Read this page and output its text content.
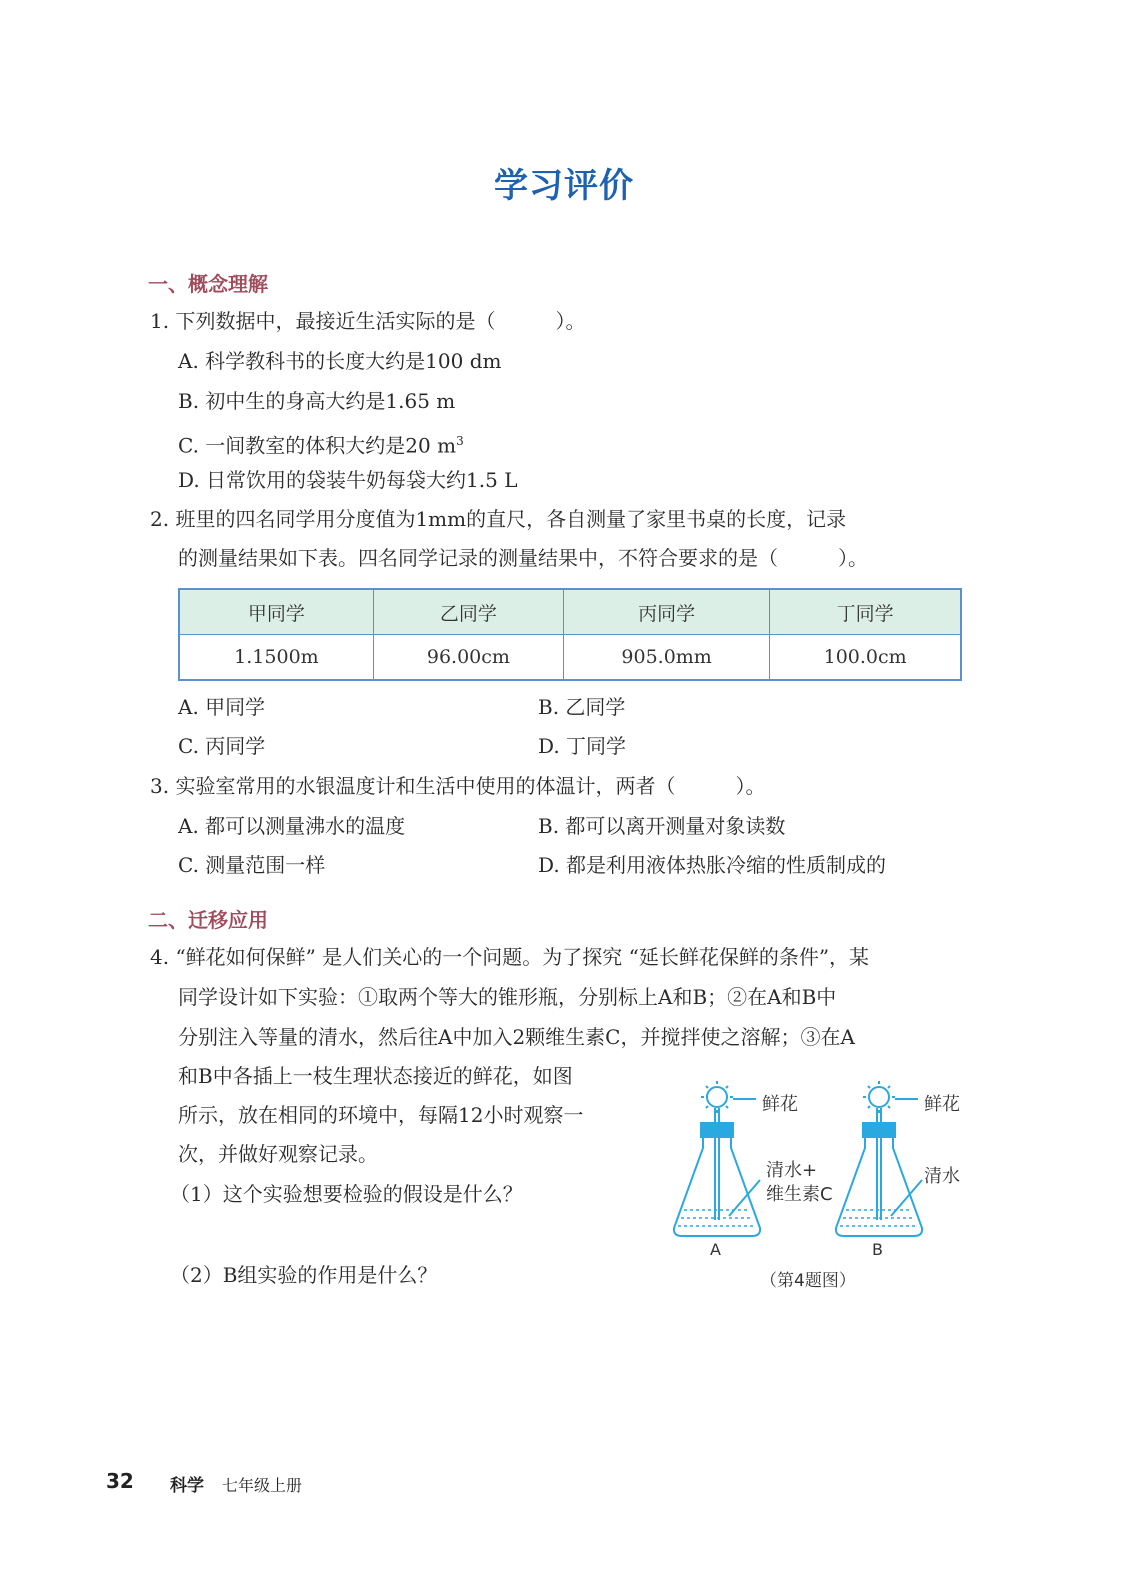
学习评价
一、概念理解
1. 下列数据中，最接近生活实际的是（　　　）。
A. 科学教科书的长度大约是100 dm
B. 初中生的身高大约是1.65 m
C. 一间教室的体积大约是20 $m^3$
D. 日常饮用的袋装牛奶每袋大约1.5 L
2. 班里的四名同学用分度值为1mm的直尺，各自测量了家里书桌的长度，记录
的测量结果如下表。四名同学记录的测量结果中，不符合要求的是（　　　）。
甲同学	乙同学	丙同学	丁同学
1.1500m	96.00cm	905.0mm	100.0cm
A. 甲同学	B. 乙同学
C. 丙同学	D. 丁同学
3. 实验室常用的水银温度计和生活中使用的体温计，两者（　　　）。
A. 都可以测量沸水的温度	B. 都可以离开测量对象读数
C. 测量范围一样	D. 都是利用液体热胀冷缩的性质制成的
二、迁移应用
4. “鲜花如何保鲜” 是人们关心的一个问题。为了探究 “延长鲜花保鲜的条件”，某
同学设计如下实验：①取两个等大的锥形瓶，分别标上A和B；②在A和B中
分别注入等量的清水，然后往A中加入2颗维生素C，并搅拌使之溶解；③在A
和B中各插上一枝生理状态接近的鲜花，如图
所示，放在相同的环境中，每隔12小时观察一
次，并做好观察记录。
（1）这个实验想要检验的假设是什么？
（2）B组实验的作用是什么？
鲜花	鲜花
清水+
维生素C
清水
A	B
（第4题图）
32 科学 七年级上册
